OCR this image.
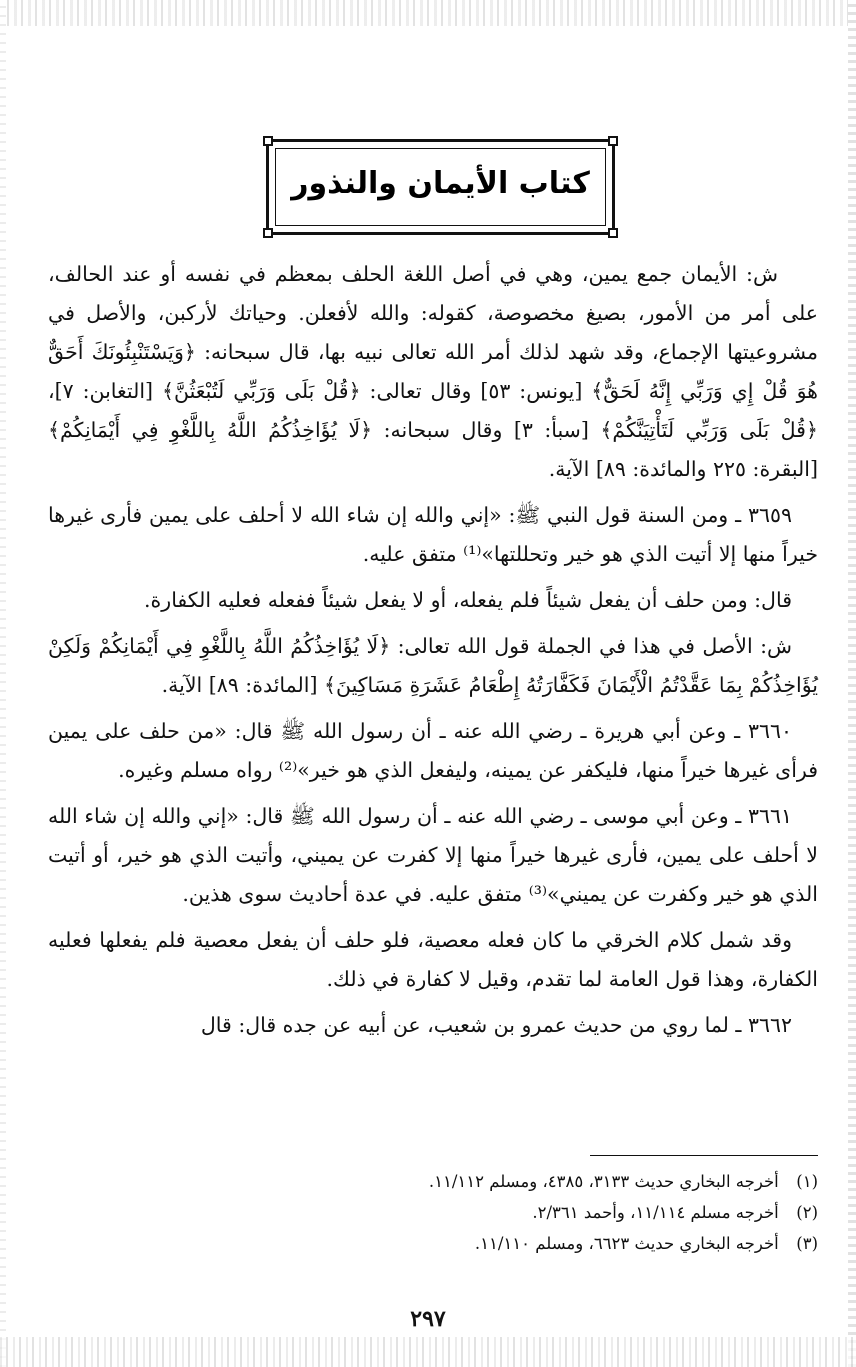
كتاب الأيمان والنذور

ش: الأيمان جمع يمين، وهي في أصل اللغة الحلف بمعظم في نفسه أو عند الحالف، على أمر من الأمور، بصيغ مخصوصة، كقوله: والله لأفعلن. وحياتك لأركبن، والأصل في مشروعيتها الإجماع، وقد شهد لذلك أمر الله تعالى نبيه بها، قال سبحانه: ﴿وَيَسْتَنْبِئُونَكَ أَحَقٌّ هُوَ قُلْ إِي وَرَبِّي إِنَّهُ لَحَقٌّ﴾ [يونس: ٥٣] وقال تعالى: ﴿قُلْ بَلَى وَرَبِّي لَتُبْعَثُنَّ﴾ [التغابن: ٧]، ﴿قُلْ بَلَى وَرَبِّي لَتَأْتِيَنَّكُمْ﴾ [سبأ: ٣] وقال سبحانه: ﴿لَا يُؤَاخِذُكُمُ اللَّهُ بِاللَّغْوِ فِي أَيْمَانِكُمْ﴾ [البقرة: ٢٢٥ والمائدة: ٨٩] الآية.

٣٦٥٩ ـ ومن السنة قول النبي ﷺ: «إني والله إن شاء الله لا أحلف على يمين فأرى غيرها خيراً منها إلا أتيت الذي هو خير وتحللتها»⁽¹⁾ متفق عليه.

قال: ومن حلف أن يفعل شيئاً فلم يفعله، أو لا يفعل شيئاً ففعله فعليه الكفارة.

ش: الأصل في هذا في الجملة قول الله تعالى: ﴿لَا يُؤَاخِذُكُمُ اللَّهُ بِاللَّغْوِ فِي أَيْمَانِكُمْ وَلَكِنْ يُؤَاخِذُكُمْ بِمَا عَقَّدْتُمُ الْأَيْمَانَ فَكَفَّارَتُهُ إِطْعَامُ عَشَرَةِ مَسَاكِينَ﴾ [المائدة: ٨٩] الآية.

٣٦٦٠ ـ وعن أبي هريرة ـ رضي الله عنه ـ أن رسول الله ﷺ قال: «من حلف على يمين فرأى غيرها خيراً منها، فليكفر عن يمينه، وليفعل الذي هو خير»⁽²⁾ رواه مسلم وغيره.

٣٦٦١ ـ وعن أبي موسى ـ رضي الله عنه ـ أن رسول الله ﷺ قال: «إني والله إن شاء الله لا أحلف على يمين، فأرى غيرها خيراً منها إلا كفرت عن يميني، وأتيت الذي هو خير، أو أتيت الذي هو خير وكفرت عن يميني»⁽³⁾ متفق عليه. في عدة أحاديث سوى هذين.

وقد شمل كلام الخرقي ما كان فعله معصية، فلو حلف أن يفعل معصية فلم يفعلها فعليه الكفارة، وهذا قول العامة لما تقدم، وقيل لا كفارة في ذلك.

٣٦٦٢ ـ لما روي من حديث عمرو بن شعيب، عن أبيه عن جده قال: قال

(١) أخرجه البخاري حديث ٣١٣٣، ٤٣٨٥، ومسلم ١١/١١٢.
(٢) أخرجه مسلم ١١/١١٤، وأحمد ٢/٣٦١.
(٣) أخرجه البخاري حديث ٦٦٢٣، ومسلم ١١/١١٠.
٢٩٧
